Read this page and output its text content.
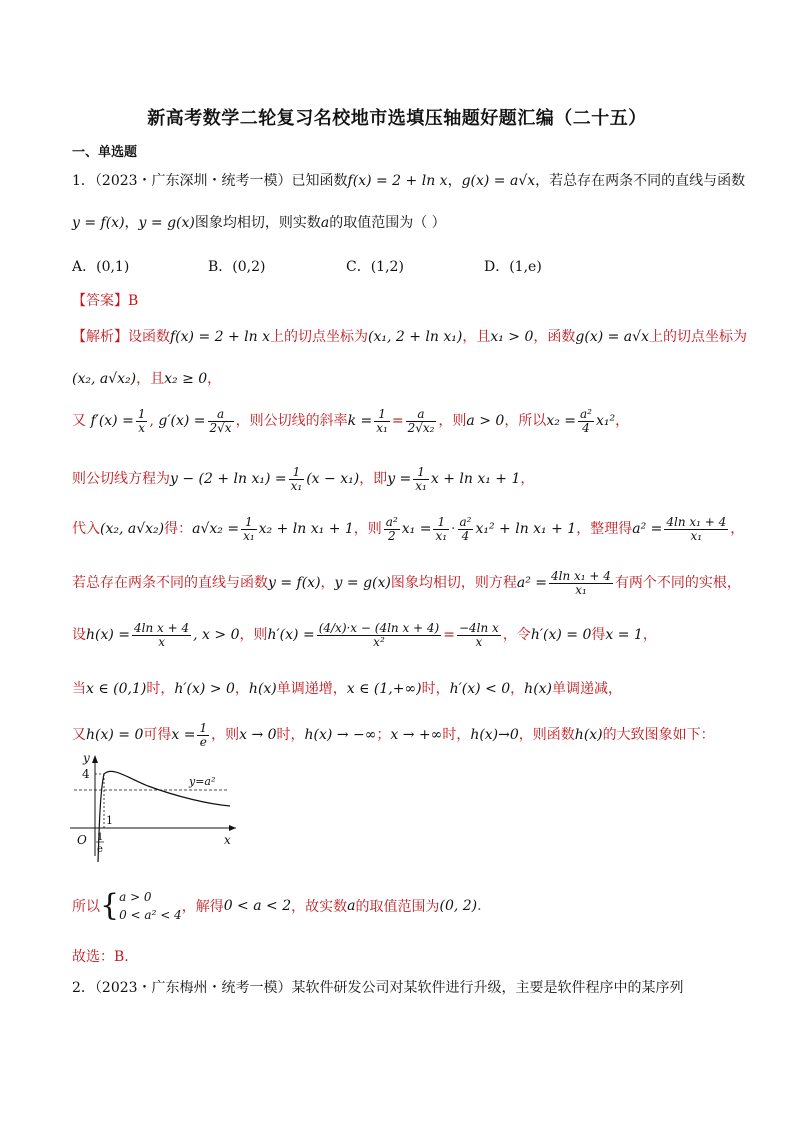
新高考数学二轮复习名校地市选填压轴题好题汇编（二十五）
一、单选题
1．（2023・广东深圳・统考一模）已知函数f(x) = 2 + ln x，g(x) = a√x，若总存在两条不同的直线与函数
y = f(x)，y = g(x)图象均相切，则实数a的取值范围为（ ）
A．(0,1)	B．(0,2)	C．(1,2)	D．(1,e)
【答案】B
【解析】设函数f(x) = 2 + ln x上的切点坐标为(x₁, 2 + ln x₁)，且x₁ > 0，函数g(x) = a√x上的切点坐标为
(x₂, a√x₂)，且x₂ ≥ 0，
又 $f'(x) = \frac{1}{x}$ , $g'(x) = \frac{a}{2√x}$ ，则公切线的斜率$k = \frac{1}{\text{x₁}} = \frac{a}{\text{2√x₂}}$ ，则a > 0，所以$x_2 = \frac{\text{a²}}{4} x_1^2$，
则公切线方程为$y - (2 + \ln x_1) = \frac{1}{\text{x₁}} (x - x_1)$，即$y = \frac{1}{\text{x₁}}$ x + ln x₁ + 1，
代入(x₂, a√x₂)得：$a√x_2 = \frac{1}{\text{x₁}} x_2 + \ln x_1 + 1$，则 $\frac{\text{a²}}{2} x_1 = \frac{1}{\text{x₁}} \cdot \frac{\text{a²}}{4} x_1^2 + \ln x_1 + 1$，整理得$a^2 = \frac{\text{4ln x₁ + 4}}{\text{x₁}}$ ，
若总存在两条不同的直线与函数y = f(x)，y = g(x)图象均相切，则方程$a^2 = \frac{\text{4ln x₁ + 4}}{\text{x₁}}$ 有两个不同的实根，
设$h(x) = \frac{\text{4ln x + 4}}{x}$ , x > 0，则$h'(x) = \frac{\text{(4/x)·x − (4ln x + 4)}}{\text{x²}} = \frac{\text{−4ln x}}{x}$ ，令h′(x) = 0得x = 1，
当x ∈ (0,1)时，h′(x) > 0，h(x)单调递增，x ∈ (1,+∞)时，h′(x) < 0，h(x)单调递减，
又h(x) = 0可得$x = \frac{1}{e}$ ，则x → 0时，h(x) → −∞；x → +∞时，h(x)→0，则函数h(x)的大致图象如下：
y
x
O
4
1
y=a²
1
e
所以{ a > 0
0 < a² < 4 ，解得0 < a < 2，故实数a的取值范围为(0, 2).
故选：B.
2．（2023・广东梅州・统考一模）某软件研发公司对某软件进行升级，主要是软件程序中的某序列
